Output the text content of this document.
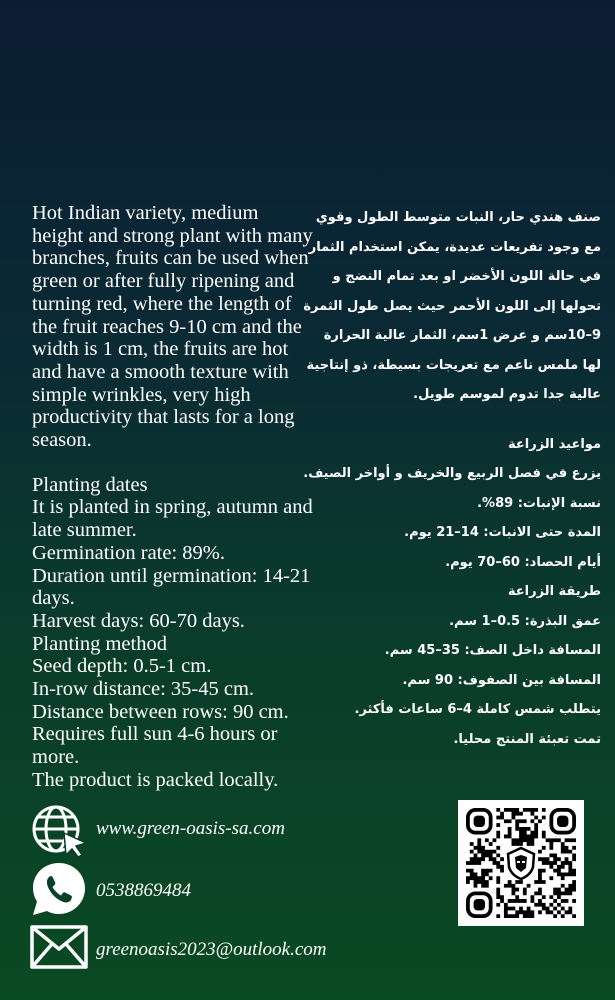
Hot Indian variety, medium height and strong plant with many branches, fruits can be used when green or after fully ripening and turning red, where the length of the fruit reaches 9-10 cm and the width is 1 cm, the fruits are hot and have a smooth texture with simple wrinkles, very high productivity that lasts for a long season.

Planting dates

It is planted in spring, autumn and late summer.

Germination rate: 89%.

Duration until germination: 14-21 days.

Harvest days: 60-70 days.

Planting method

Seed depth: 0.5-1 cm.

In-row distance: 35-45 cm.

Distance between rows: 90 cm.

Requires full sun 4-6 hours or more.

The product is packed locally.

صنف هندي حار، النبات متوسط الطول وقوي مع وجود تفريعات عديدة، يمكن استخدام الثمار في حالة اللون الأخضر او بعد تمام النضج و تحولها إلى اللون الأحمر حيث يصل طول الثمرة 9–10سم و عرض 1سم، الثمار عالية الحرارة لها ملمس ناعم مع تعريجات بسيطة، ذو إنتاجية عالية جدا تدوم لموسم طويل.

مواعيد الزراعة

يزرع في فصل الربيع والخريف و أواخر الصيف.

نسبة الإنبات: 89%.

المدة حتى الانبات: 14–21 يوم.

أيام الحصاد: 60–70 يوم.

طريقة الزراعة

عمق البذرة: 0.5–1 سم.

المسافة داخل الصف: 35–45 سم.

المسافة بين الصفوف: 90 سم.

يتطلب شمس كاملة 4–6 ساعات فأكثر.

تمت تعبئة المنتج محليا.

www.green-oasis-sa.com
0538869484
greenoasis2023@outlook.com
